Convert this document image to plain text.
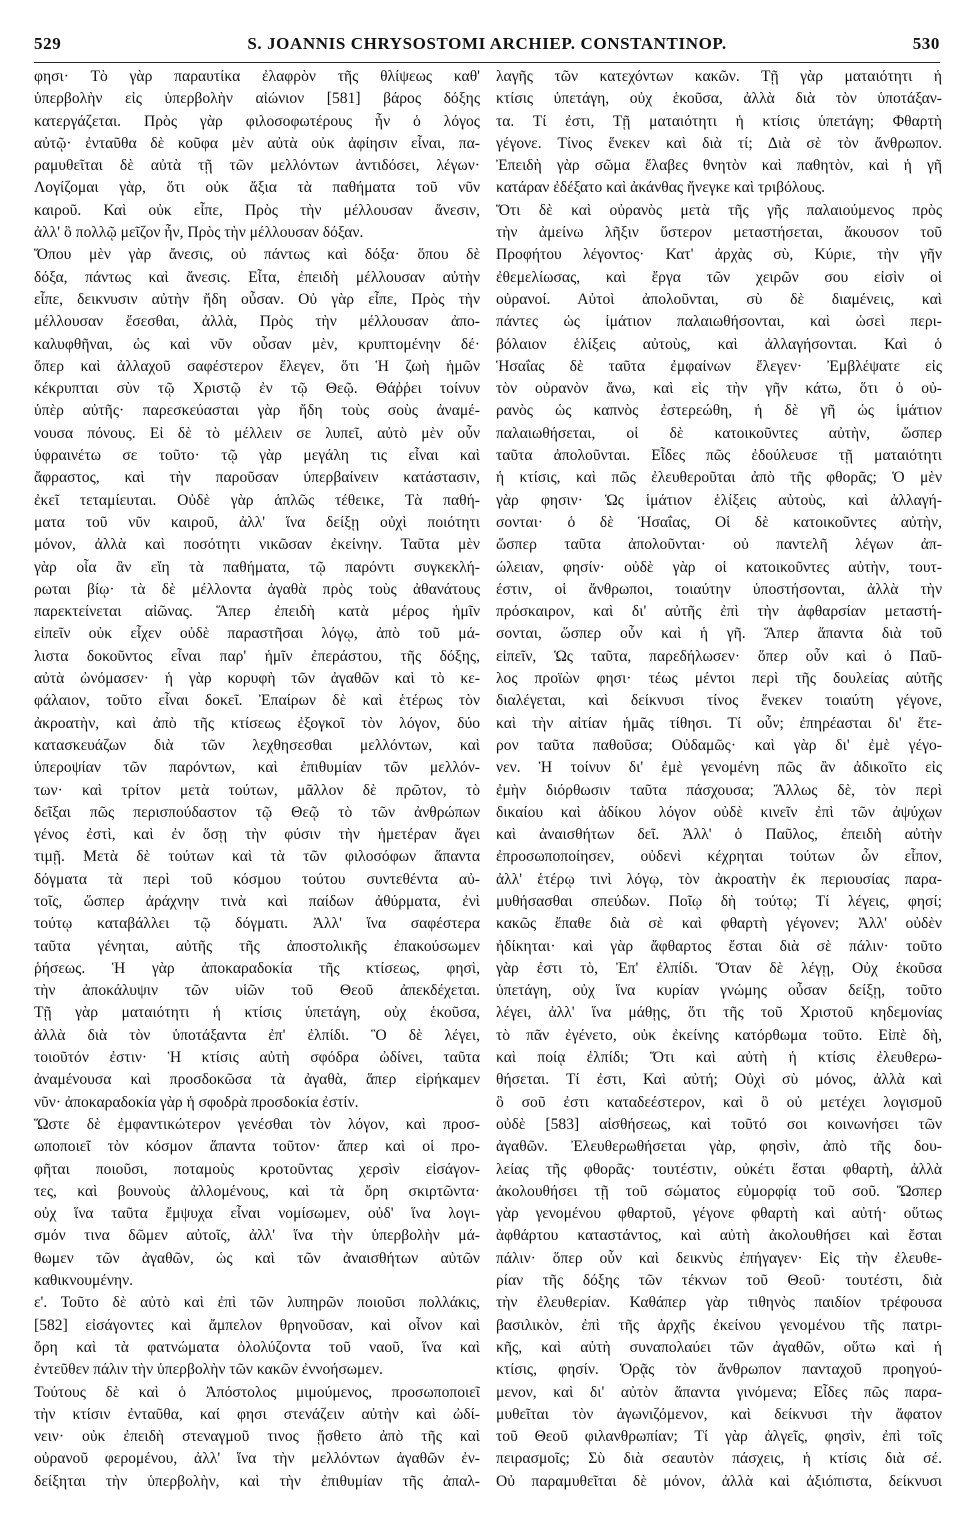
529	S. JOANNIS CHRYSOSTOMI ARCHIEP. CONSTANTINOP.	530
φησι· Τὸ γὰρ παραυτίκα ἐλαφρὸν τῆς θλίψεως καθ'
ὑπερβολὴν εἰς ὑπερβολὴν αἰώνιον [581] βάρος δόξης
κατεργάζεται. Πρὸς γὰρ φιλοσοφωτέρους ἦν ὁ λόγος
αὐτῷ· ἐνταῦθα δὲ κοῦφα μὲν αὐτὰ οὐκ ἀφίησιν εἶναι, πα-
ραμυθεῖται δὲ αὐτὰ τῇ τῶν μελλόντων ἀντιδόσει, λέγων·
Λογίζομαι γὰρ, ὅτι οὐκ ἄξια τὰ παθήματα τοῦ νῦν
καιροῦ. Καὶ οὐκ εἶπε, Πρὸς τὴν μέλλουσαν ἄνεσιν,
ἀλλ' ὃ πολλῷ μεῖζον ἦν, Πρὸς τὴν μέλλουσαν δόξαν.
Ὅπου μὲν γὰρ ἄνεσις, οὐ πάντως καὶ δόξα· ὅπου δὲ
δόξα, πάντως καὶ ἄνεσις. Εἶτα, ἐπειδὴ μέλλουσαν αὐτὴν
εἶπε, δεικνυσιν αὐτὴν ἤδη οὖσαν. Οὐ γὰρ εἶπε, Πρὸς τὴν
μέλλουσαν ἔσεσθαι, ἀλλὰ, Πρὸς τὴν μέλλουσαν ἀπο-
καλυφθῆναι, ὡς καὶ νῦν οὖσαν μὲν, κρυπτομένην δέ·
ὅπερ καὶ ἀλλαχοῦ σαφέστερον ἔλεγεν, ὅτι Ἡ ζωὴ ἡμῶν
κέκρυπται σὺν τῷ Χριστῷ ἐν τῷ Θεῷ. Θάῤῥει τοίνυν
ὑπὲρ αὐτῆς· παρεσκεύασται γὰρ ἤδη τοὺς σοὺς ἀναμέ-
νουσα πόνους. Εἰ δὲ τὸ μέλλειν σε λυπεῖ, αὐτὸ μὲν οὖν
ὑφραινέτω σε τοῦτο· τῷ γὰρ μεγάλη τις εἶναι καὶ
ἄφραστος, καὶ τὴν παροῦσαν ὑπερβαίνειν κατάστασιν,
ἐκεῖ τεταμίευται. Οὐδὲ γὰρ ἁπλῶς τέθεικε, Τὰ παθή-
ματα τοῦ νῦν καιροῦ, ἀλλ' ἵνα δείξῃ οὐχὶ ποιότητι
μόνον, ἀλλὰ καὶ ποσότητι νικῶσαν ἐκείνην. Ταῦτα μὲν
γὰρ οἷα ἂν εἴη τὰ παθήματα, τῷ παρόντι συγκεκλή-
ρωται βίῳ· τὰ δὲ μέλλοντα ἀγαθὰ πρὸς τοὺς ἀθανάτους
παρεκτείνεται αἰῶνας. Ἅπερ ἐπειδὴ κατὰ μέρος ἡμῖν
εἰπεῖν οὐκ εἶχεν οὐδὲ παραστῆσαι λόγῳ, ἀπὸ τοῦ μά-
λιστα δοκοῦντος εἶναι παρ' ἡμῖν ἐπεράστου, τῆς δόξης,
αὐτὰ ὠνόμασεν· ἡ γὰρ κορυφὴ τῶν ἀγαθῶν καὶ τὸ κε-
φάλαιον, τοῦτο εἶναι δοκεῖ. Ἐπαίρων δὲ καὶ ἑτέρως τὸν
ἀκροατὴν, καὶ ἀπὸ τῆς κτίσεως ἐξογκοῖ τὸν λόγον, δύο
κατασκευάζων διὰ τῶν λεχθησεσθαι μελλόντων, καὶ
ὑπεροψίαν τῶν παρόντων, καὶ ἐπιθυμίαν τῶν μελλόν-
των· καὶ τρίτον μετὰ τούτων, μᾶλλον δὲ πρῶτον, τὸ
δεῖξαι πῶς περισπούδαστον τῷ Θεῷ τὸ τῶν ἀνθρώπων
γένος ἐστὶ, καὶ ἐν ὅσῃ τὴν φύσιν τὴν ἡμετέραν ἄγει
τιμῇ. Μετὰ δὲ τούτων καὶ τὰ τῶν φιλοσόφων ἅπαντα
δόγματα τὰ περὶ τοῦ κόσμου τούτου συντεθέντα αὐ-
τοῖς, ὥσπερ ἀράχνην τινὰ καὶ παίδων ἀθύρματα, ἐνὶ
τούτῳ καταβάλλει τῷ δόγματι. Ἀλλ' ἵνα σαφέστερα
ταῦτα γένηται, αὐτῆς τῆς ἀποστολικῆς ἐπακούσωμεν
ῥήσεως. Ἡ γὰρ ἀποκαραδοκία τῆς κτίσεως, φησὶ,
τὴν ἀποκάλυψιν τῶν υἱῶν τοῦ Θεοῦ ἀπεκδέχεται.
Τῇ γὰρ ματαιότητι ἡ κτίσις ὑπετάγη, οὐχ ἑκοῦσα,
ἀλλὰ διὰ τὸν ὑποτάξαντα ἐπ' ἐλπίδι. Ὃ δὲ λέγει,
τοιοῦτόν ἐστιν· Ἡ κτίσις αὐτὴ σφόδρα ὠδίνει, ταῦτα
ἀναμένουσα καὶ προσδοκῶσα τὰ ἀγαθὰ, ἅπερ εἰρήκαμεν
νῦν· ἀποκαραδοκία γὰρ ἡ σφοδρὰ προσδοκία ἐστίν.
Ὥστε δὲ ἐμφαντικώτερον γενέσθαι τὸν λόγον, καὶ προσ-
ωποποιεῖ τὸν κόσμον ἅπαντα τοῦτον· ἅπερ καὶ οἱ προ-
φῆται ποιοῦσι, ποταμοὺς κροτοῦντας χερσὶν εἰσάγον-
τες, καὶ βουνοὺς ἀλλομένους, καὶ τὰ ὄρη σκιρτῶντα·
οὐχ ἵνα ταῦτα ἔμψυχα εἶναι νομίσωμεν, οὐδ' ἵνα λογι-
σμόν τινα δῶμεν αὐτοῖς, ἀλλ' ἵνα τὴν ὑπερβολὴν μά-
θωμεν τῶν ἀγαθῶν, ὡς καὶ τῶν ἀναισθήτων αὐτῶν
καθικνουμένην.
ε'. Τοῦτο δὲ αὐτὸ καὶ ἐπὶ τῶν λυπηρῶν ποιοῦσι πολλάκις,
[582] εἰσάγοντες καὶ ἄμπελον θρηνοῦσαν, καὶ οἶνον καὶ
ὄρη καὶ τὰ φατνώματα ὀλολύζοντα τοῦ ναοῦ, ἵνα καὶ
ἐντεῦθεν πάλιν τὴν ὑπερβολὴν τῶν κακῶν ἐννοήσωμεν.
Τούτους δὲ καὶ ὁ Ἀπόστολος μιμούμενος, προσωποποιεῖ
τὴν κτίσιν ἐνταῦθα, καί φησι στενάζειν αὐτὴν καὶ ὠδί-
νειν· οὐκ ἐπειδὴ στεναγμοῦ τινος ᾔσθετο ἀπὸ τῆς καὶ
οὐρανοῦ φερομένου, ἀλλ' ἵνα τὴν μελλόντων ἀγαθῶν ἐν-
δείξηται τὴν ὑπερβολὴν, καὶ τὴν ἐπιθυμίαν τῆς ἀπαλ-
λαγῆς τῶν κατεχόντων κακῶν. Τῇ γὰρ ματαιότητι ἡ
κτίσις ὑπετάγη, οὐχ ἑκοῦσα, ἀλλὰ διὰ τὸν ὑποτάξαν-
τα. Τί ἐστι, Τῇ ματαιότητι ἡ κτίσις ὑπετάγη; Φθαρτὴ
γέγονε. Τίνος ἕνεκεν καὶ διὰ τί; Διὰ σὲ τὸν ἄνθρωπον.
Ἐπειδὴ γὰρ σῶμα ἔλαβες θνητὸν καὶ παθητὸν, καὶ ἡ γῆ
κατάραν ἐδέξατο καὶ ἀκάνθας ἤνεγκε καὶ τριβόλους.
Ὅτι δὲ καὶ οὐρανὸς μετὰ τῆς γῆς παλαιούμενος πρὸς
τὴν ἀμείνω λῆξιν ὕστερον μεταστήσεται, ἄκουσον τοῦ
Προφήτου λέγοντος· Κατ' ἀρχὰς σὺ, Κύριε, τὴν γῆν
ἐθεμελίωσας, καὶ ἔργα τῶν χειρῶν σου εἰσὶν οἱ
οὐρανοί. Αὐτοὶ ἀπολοῦνται, σὺ δὲ διαμένεις, καὶ
πάντες ὡς ἱμάτιον παλαιωθήσονται, καὶ ὡσεὶ περι-
βόλαιον ἑλίξεις αὐτοὺς, καὶ ἀλλαγήσονται. Καὶ ὁ
Ἡσαΐας δὲ ταῦτα ἐμφαίνων ἔλεγεν· Ἐμβλέψατε εἰς
τὸν οὐρανὸν ἄνω, καὶ εἰς τὴν γῆν κάτω, ὅτι ὁ οὐ-
ρανὸς ὡς καπνὸς ἐστερεώθη, ἡ δὲ γῆ ὡς ἱμάτιον
παλαιωθήσεται, οἱ δὲ κατοικοῦντες αὐτὴν, ὥσπερ
ταῦτα ἀπολοῦνται. Εἶδες πῶς ἐδούλευσε τῇ ματαιότητι
ἡ κτίσις, καὶ πῶς ἐλευθεροῦται ἀπὸ τῆς φθορᾶς; Ὁ μὲν
γὰρ φησιν· Ὡς ἱμάτιον ἑλίξεις αὐτοὺς, καὶ ἀλλαγή-
σονται· ὁ δὲ Ἡσαΐας, Οἱ δὲ κατοικοῦντες αὐτὴν,
ὥσπερ ταῦτα ἀπολοῦνται· οὐ παντελῆ λέγων ἀπ-
ώλειαν, φησίν· οὐδὲ γὰρ οἱ κατοικοῦντες αὐτὴν, τουτ-
έστιν, οἱ ἄνθρωποι, τοιαύτην ὑποστήσονται, ἀλλὰ τὴν
πρόσκαιρον, καὶ δι' αὐτῆς ἐπὶ τὴν ἀφθαρσίαν μεταστή-
σονται, ὥσπερ οὖν καὶ ἡ γῆ. Ἅπερ ἅπαντα διὰ τοῦ
εἰπεῖν, Ὡς ταῦτα, παρεδήλωσεν· ὅπερ οὖν καὶ ὁ Παῦ-
λος προϊὼν φησι· τέως μέντοι περὶ τῆς δουλείας αὐτῆς
διαλέγεται, καὶ δείκνυσι τίνος ἕνεκεν τοιαύτη γέγονε,
καὶ τὴν αἰτίαν ἡμᾶς τίθησι. Τί οὖν; ἐπηρέασται δι' ἕτε-
ρον ταῦτα παθοῦσα; Οὐδαμῶς· καὶ γὰρ δι' ἐμὲ γέγο-
νεν. Ἡ τοίνυν δι' ἐμὲ γενομένη πῶς ἂν ἀδικοῖτο εἰς
ἐμὴν διόρθωσιν ταῦτα πάσχουσα; Ἄλλως δὲ, τὸν περὶ
δικαίου καὶ ἀδίκου λόγον οὐδὲ κινεῖν ἐπὶ τῶν ἀψύχων
καὶ ἀναισθήτων δεῖ. Ἀλλ' ὁ Παῦλος, ἐπειδὴ αὐτὴν
ἐπροσωποποίησεν, οὐδενὶ κέχρηται τούτων ὧν εἶπον,
ἀλλ' ἑτέρῳ τινὶ λόγῳ, τὸν ἀκροατὴν ἐκ περιουσίας παρα-
μυθήσασθαι σπεύδων. Ποῖῳ δὴ τούτῳ; Τί λέγεις, φησί;
κακῶς ἔπαθε διὰ σὲ καὶ φθαρτὴ γέγονεν; Ἀλλ' οὐδὲν
ἠδίκηται· καὶ γὰρ ἄφθαρτος ἔσται διὰ σὲ πάλιν· τοῦτο
γὰρ ἐστι τὸ, Ἐπ' ἐλπίδι. Ὅταν δὲ λέγῃ, Οὐχ ἑκοῦσα
ὑπετάγη, οὐχ ἵνα κυρίαν γνώμης οὖσαν δείξῃ, τοῦτο
λέγει, ἀλλ' ἵνα μάθῃς, ὅτι τῆς τοῦ Χριστοῦ κηδεμονίας
τὸ πᾶν ἐγένετο, οὐκ ἐκείνης κατόρθωμα τοῦτο. Εἰπὲ δὴ,
καὶ ποίᾳ ἐλπίδι; Ὅτι καὶ αὐτὴ ἡ κτίσις ἐλευθερω-
θήσεται. Τί ἐστι, Καὶ αὐτή; Οὐχὶ σὺ μόνος, ἀλλὰ καὶ
ὃ σοῦ ἐστι καταδεέστερον, καὶ ὃ οὐ μετέχει λογισμοῦ
οὐδὲ [583] αἰσθήσεως, καὶ τοῦτό σοι κοινωνήσει τῶν
ἀγαθῶν. Ἐλευθερωθήσεται γὰρ, φησὶν, ἀπὸ τῆς δου-
λείας τῆς φθορᾶς· τουτέστιν, οὐκέτι ἔσται φθαρτὴ, ἀλλὰ
ἀκολουθήσει τῇ τοῦ σώματος εὐμορφίᾳ τοῦ σοῦ. Ὥσπερ
γὰρ γενομένου φθαρτοῦ, γέγονε φθαρτὴ καὶ αὐτή· οὕτως
ἀφθάρτου καταστάντος, καὶ αὐτὴ ἀκολουθήσει καὶ ἔσται
πάλιν· ὅπερ οὖν καὶ δεικνὺς ἐπήγαγεν· Εἰς τὴν ἐλευθε-
ρίαν τῆς δόξης τῶν τέκνων τοῦ Θεοῦ· τουτέστι, διὰ
τὴν ἐλευθερίαν. Καθάπερ γὰρ τιθηνὸς παιδίον τρέφουσα
βασιλικὸν, ἐπὶ τῆς ἀρχῆς ἐκείνου γενομένου τῆς πατρι-
κῆς, καὶ αὐτὴ συναπολαύει τῶν ἀγαθῶν, οὕτω καὶ ἡ
κτίσις, φησίν. Ὁρᾷς τὸν ἄνθρωπον πανταχοῦ προηγού-
μενον, καὶ δι' αὐτὸν ἅπαντα γινόμενα; Εἶδες πῶς παρα-
μυθεῖται τὸν ἀγωνιζόμενον, καὶ δείκνυσι τὴν ἄφατον
τοῦ Θεοῦ φιλανθρωπίαν; Τί γὰρ ἀλγεῖς, φησὶν, ἐπὶ τοῖς
πειρασμοῖς; Σὺ διὰ σεαυτὸν πάσχεις, ἡ κτίσις διὰ σέ.
Οὐ παραμυθεῖται δὲ μόνον, ἀλλὰ καὶ ἀξιόπιστα, δείκνυσι
